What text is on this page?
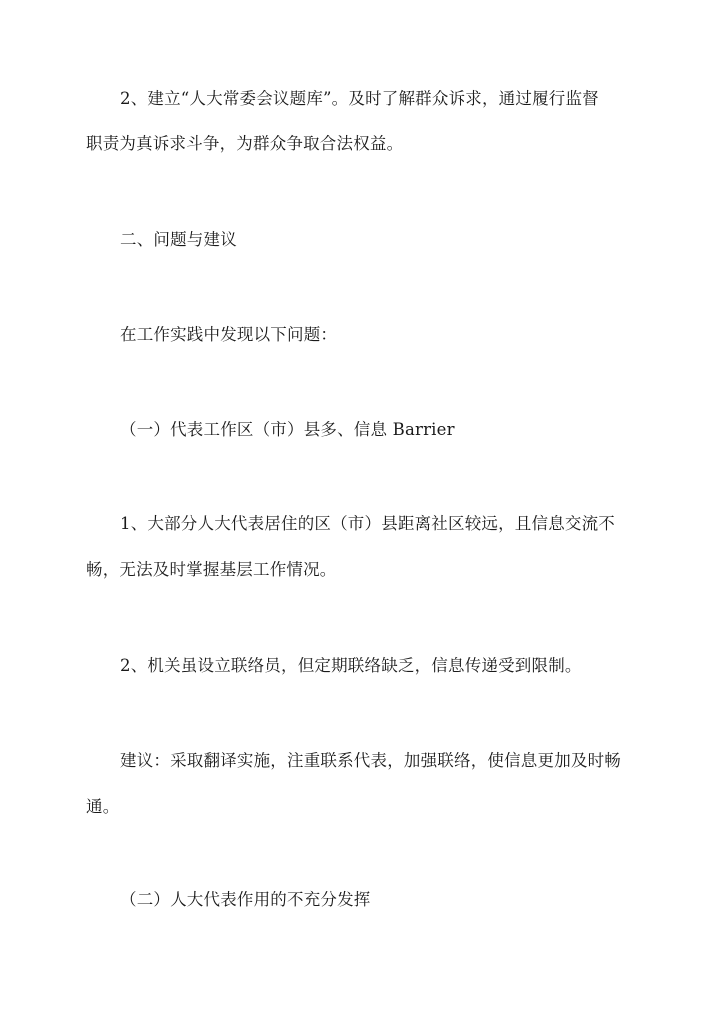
2、建立“人大常委会议题库”。及时了解群众诉求，通过履行监督
职责为真诉求斗争，为群众争取合法权益。
二、问题与建议
在工作实践中发现以下问题：
（一）代表工作区（市）县多、信息 Barrier
1、大部分人大代表居住的区（市）县距离社区较远，且信息交流不
畅，无法及时掌握基层工作情况。
2、机关虽设立联络员，但定期联络缺乏，信息传递受到限制。
建议：采取翻译实施，注重联系代表，加强联络，使信息更加及时畅
通。
（二）人大代表作用的不充分发挥
